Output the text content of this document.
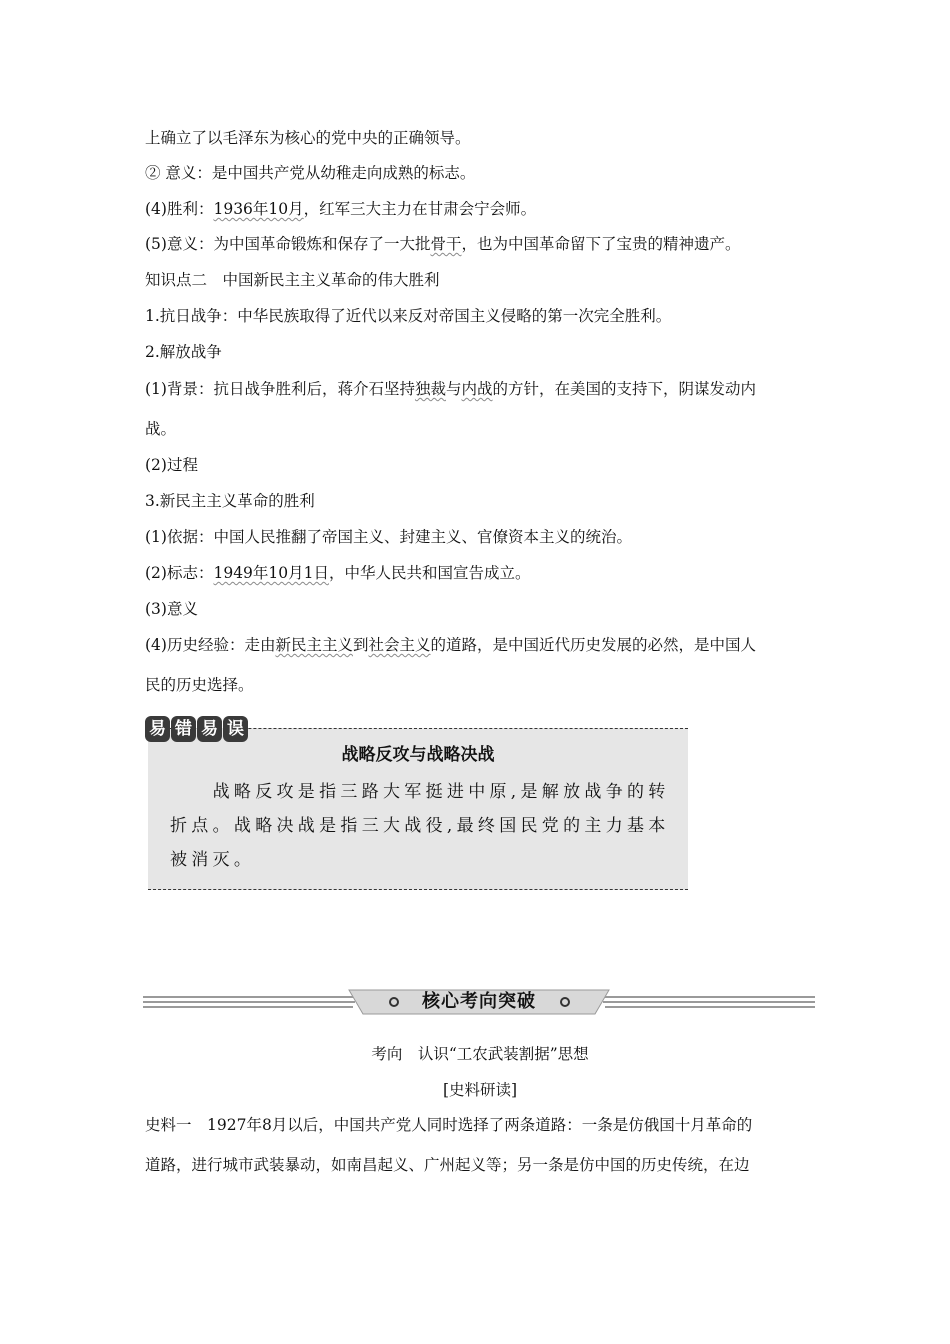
上确立了以毛泽东为核心的党中央的正确领导。
② 意义：是中国共产党从幼稚走向成熟的标志。
(4)胜利：1936年10月，红军三大主力在甘肃会宁会师。
(5)意义：为中国革命锻炼和保存了一大批骨干，也为中国革命留下了宝贵的精神遗产。
知识点二　中国新民主主义革命的伟大胜利
1.抗日战争：中华民族取得了近代以来反对帝国主义侵略的第一次完全胜利。
2.解放战争
(1)背景：抗日战争胜利后，蒋介石坚持独裁与内战的方针，在美国的支持下，阴谋发动内
战。
(2)过程
3.新民主主义革命的胜利
(1)依据：中国人民推翻了帝国主义、封建主义、官僚资本主义的统治。
(2)标志：1949年10月1日，中华人民共和国宣告成立。
(3)意义
(4)历史经验：走由新民主主义到社会主义的道路，是中国近代历史发展的必然，是中国人
民的历史选择。
战略反攻与战略决战
　　战略反攻是指三路大军挺进中原,是解放战争的转
折点。战略决战是指三大战役,最终国民党的主力基本
被消灭。
易 错 易 误
核心考向突破
考向　认识“工农武装割据”思想
[史料研读]
史料一　1927年8月以后，中国共产党人同时选择了两条道路：一条是仿俄国十月革命的
道路，进行城市武装暴动，如南昌起义、广州起义等；另一条是仿中国的历史传统，在边
